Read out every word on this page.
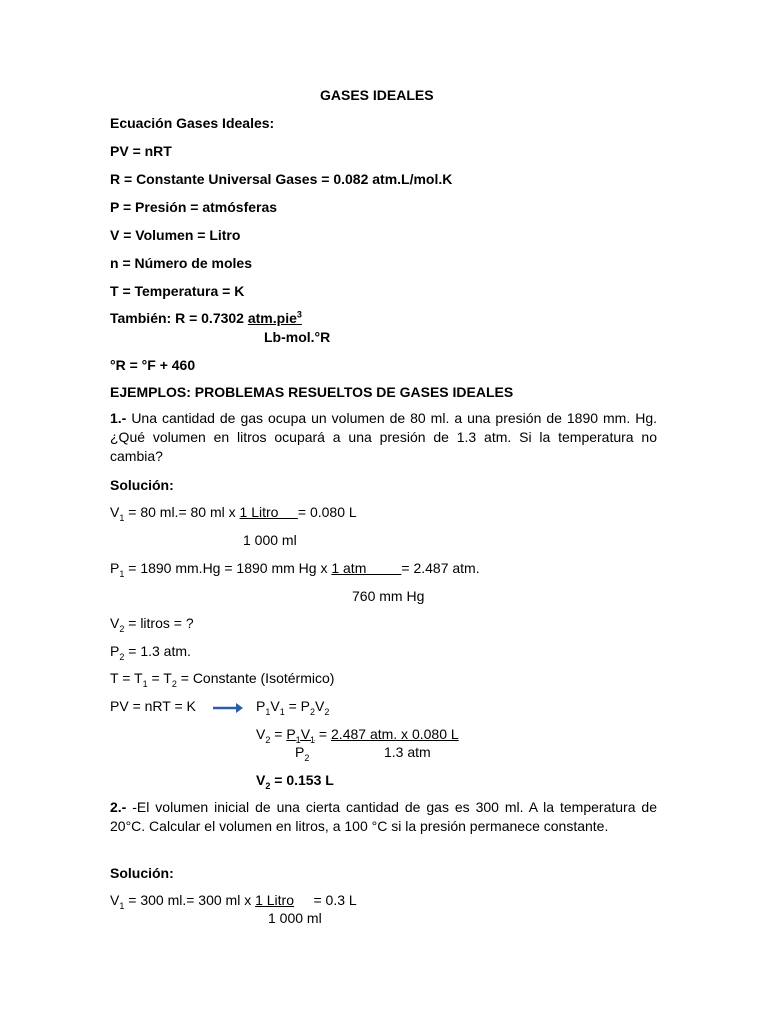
GASES IDEALES
Ecuación Gases Ideales:
PV = nRT
R = Constante Universal Gases = 0.082 atm.L/mol.K
P = Presión = atmósferas
V = Volumen = Litro
n = Número de moles
T = Temperatura = K
También: R = 0.7302 atm.pie$^3$
Lb-mol.°R
°R = °F + 460
EJEMPLOS: PROBLEMAS RESUELTOS DE GASES IDEALES
1.- Una cantidad de gas ocupa un volumen de 80 ml. a una presión de 1890 mm. Hg. ¿Qué volumen en litros ocupará a una presión de 1.3 atm. Si la temperatura no cambia?
Solución:
$V_1 = 80$ ml.= 80 ml x 1 Litro     = 0.080 L
1 000 ml
$P_1 = 1890$ mm.Hg = 1890 mm Hg x 1 atm         = 2.487 atm.
760 mm Hg
$V_2$ = litros = ?
$P_2 = 1.3$ atm.
$T = T_1 = T_2$ = Constante (Isotérmico)
PV = nRT = K	$P_1V_1 = P_2V_2$
$V_2 = P_1V_1 = 2.487$ atm. x 0.080 L
$P_2$	1.3 atm
$V_2 = 0.153$ L
2.- -El volumen inicial de una cierta cantidad de gas es 300 ml. A la temperatura de 20°C. Calcular el volumen en litros, a 100 °C si la presión permanece constante.
Solución:
$V_1 = 300$ ml.= 300 ml x 1 Litro     = 0.3 L
1 000 ml
